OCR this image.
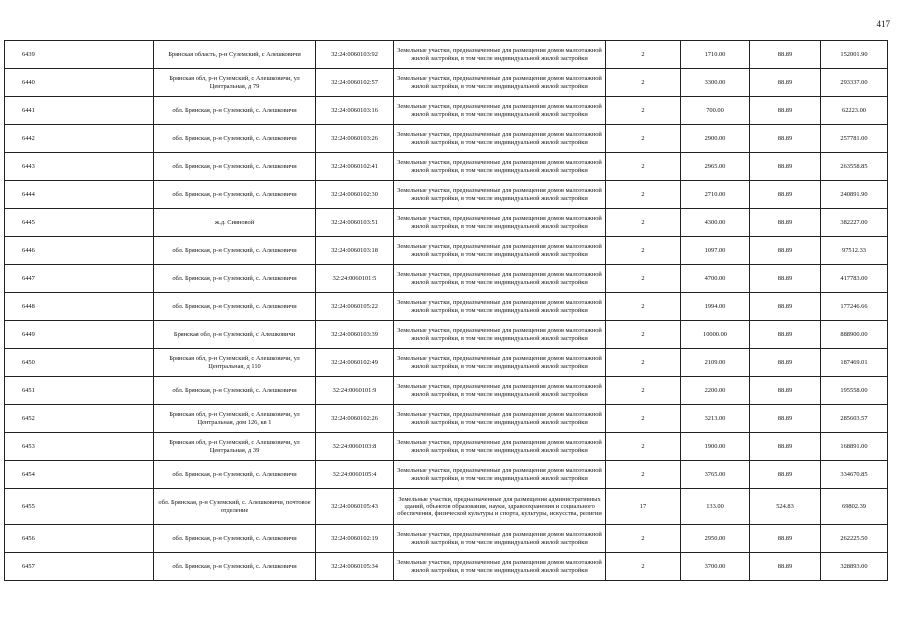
417
6439	Брянская область, р-н Суземский, с Алешковичи	32:24:0060103:92	Земельные участки, предназначенные для размещения домов малоэтажной жилой застройки, в том числе индивидуальной жилой застройки	2	1710.00	88.89	152001.90
6440	Брянская обл, р-н Суземский, с Алешковичи, ул Центральная, д 79	32:24:0060102:57	Земельные участки, предназначенные для размещения домов малоэтажной жилой застройки, в том числе индивидуальной жилой застройки	2	3300.00	88.89	293337.00
6441	обл. Брянская, р-н Суземский, с. Алешковичи	32:24:0060103:16	Земельные участки, предназначенные для размещения домов малоэтажной жилой застройки, в том числе индивидуальной жилой застройки	2	700.00	88.89	62223.00
6442	обл. Брянская, р-н Суземский, с. Алешковичи	32:24:0060103:26	Земельные участки, предназначенные для размещения домов малоэтажной жилой застройки, в том числе индивидуальной жилой застройки	2	2900.00	88.89	257781.00
6443	обл. Брянская, р-н Суземский, с. Алешковичи	32:24:0060102:41	Земельные участки, предназначенные для размещения домов малоэтажной жилой застройки, в том числе индивидуальной жилой застройки	2	2965.00	88.89	263558.85
6444	обл. Брянская, р-н Суземский, с. Алешковичи	32:24:0060102:30	Земельные участки, предназначенные для размещения домов малоэтажной жилой застройки, в том числе индивидуальной жилой застройки	2	2710.00	88.89	240891.90
6445	ж.д. Сияновой	32:24:0060103:51	Земельные участки, предназначенные для размещения домов малоэтажной жилой застройки, в том числе индивидуальной жилой застройки	2	4300.00	88.89	382227.00
6446	обл. Брянская, р-н Суземский, с. Алешковичи	32:24:0060103:18	Земельные участки, предназначенные для размещения домов малоэтажной жилой застройки, в том числе индивидуальной жилой застройки	2	1097.00	88.89	97512.33
6447	обл. Брянская, р-н Суземский, с. Алешковичи	32:24:0060101:5	Земельные участки, предназначенные для размещения домов малоэтажной жилой застройки, в том числе индивидуальной жилой застройки	2	4700.00	88.89	417783.00
6448	обл. Брянская, р-н Суземский, с. Алешковичи	32:24:0060105:22	Земельные участки, предназначенные для размещения домов малоэтажной жилой застройки, в том числе индивидуальной жилой застройки	2	1994.00	88.89	177246.66
6449	Брянская обл, р-н Суземский, с Алешковичи	32:24:0060103:39	Земельные участки, предназначенные для размещения домов малоэтажной жилой застройки, в том числе индивидуальной жилой застройки	2	10000.00	88.89	888900.00
6450	Брянская обл, р-н Суземский, с Алешковичи, ул Центральная, д 110	32:24:0060102:49	Земельные участки, предназначенные для размещения домов малоэтажной жилой застройки, в том числе индивидуальной жилой застройки	2	2109.00	88.89	187469.01
6451	обл. Брянская, р-н Суземский, с. Алешковичи	32:24:0060101:9	Земельные участки, предназначенные для размещения домов малоэтажной жилой застройки, в том числе индивидуальной жилой застройки	2	2200.00	88.89	195558.00
6452	Брянская обл, р-н Суземский, с Алешковичи, ул Центральная, дом 126, кв 1	32:24:0060102:26	Земельные участки, предназначенные для размещения домов малоэтажной жилой застройки, в том числе индивидуальной жилой застройки	2	3213.00	88.89	285603.57
6453	Брянская обл, р-н Суземский, с Алешковичи, ул Центральная, д 39	32:24:0060103:8	Земельные участки, предназначенные для размещения домов малоэтажной жилой застройки, в том числе индивидуальной жилой застройки	2	1900.00	88.89	168891.00
6454	обл. Брянская, р-н Суземский, с. Алешковичи	32:24:0060105:4	Земельные участки, предназначенные для размещения домов малоэтажной жилой застройки, в том числе индивидуальной жилой застройки	2	3765.00	88.89	334670.85
6455	обл. Брянская, р-н Суземский, с. Алешковичи, почтовое отделение	32:24:0060105:43	Земельные участки, предназначенные для размещения административных зданий, объектов образования, науки, здравоохранения и социального обеспечения, физической культуры и спорта, культуры, искусства, религии	17	133.00	524.83	69802.39
6456	обл. Брянская, р-н Суземский, с. Алешковичи	32:24:0060102:19	Земельные участки, предназначенные для размещения домов малоэтажной жилой застройки, в том числе индивидуальной жилой застройки	2	2950.00	88.89	262225.50
6457	обл. Брянская, р-н Суземский, с. Алешковичи	32:24:0060105:34	Земельные участки, предназначенные для размещения домов малоэтажной жилой застройки, в том числе индивидуальной жилой застройки	2	3700.00	88.89	328893.00
